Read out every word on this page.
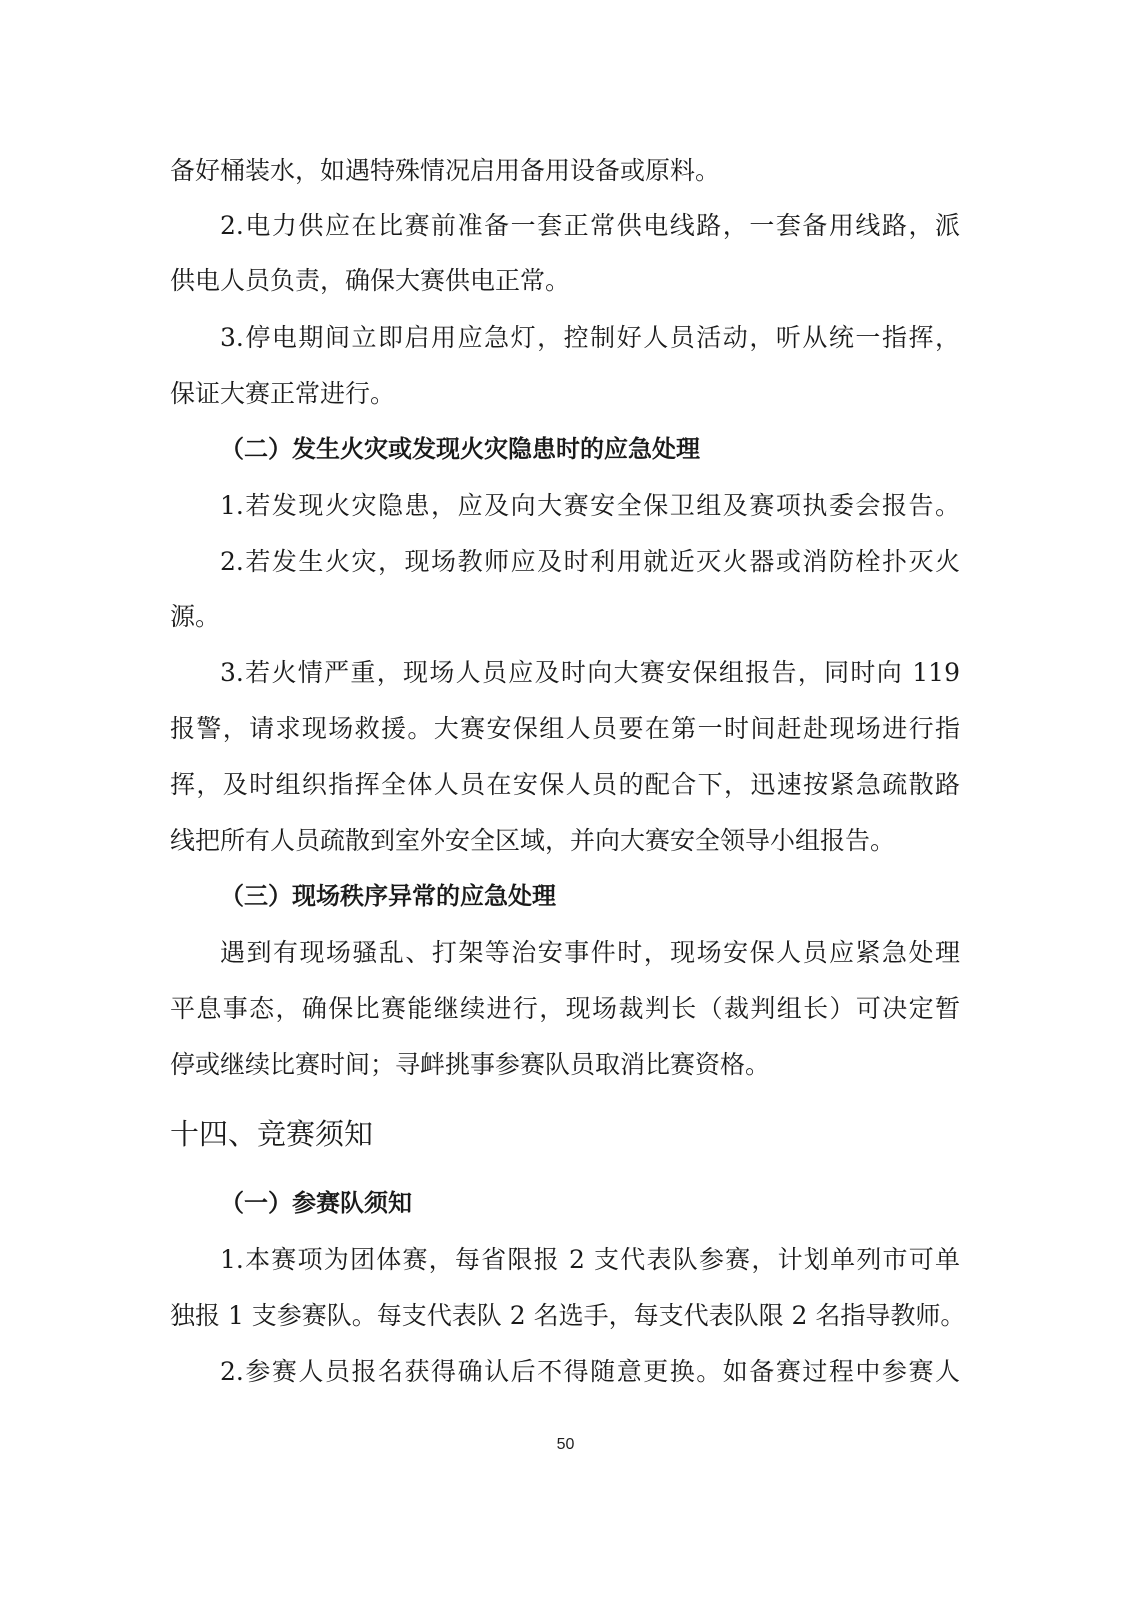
备好桶装水，如遇特殊情况启用备用设备或原料。
2.电力供应在比赛前准备一套正常供电线路，一套备用线路，派
供电人员负责，确保大赛供电正常。
3.停电期间立即启用应急灯，控制好人员活动，听从统一指挥，
保证大赛正常进行。
（二）发生火灾或发现火灾隐患时的应急处理
1.若发现火灾隐患，应及向大赛安全保卫组及赛项执委会报告。
2.若发生火灾，现场教师应及时利用就近灭火器或消防栓扑灭火
源。
3.若火情严重，现场人员应及时向大赛安保组报告，同时向 119
报警，请求现场救援。大赛安保组人员要在第一时间赶赴现场进行指
挥，及时组织指挥全体人员在安保人员的配合下，迅速按紧急疏散路
线把所有人员疏散到室外安全区域，并向大赛安全领导小组报告。
（三）现场秩序异常的应急处理
遇到有现场骚乱、打架等治安事件时，现场安保人员应紧急处理
平息事态，确保比赛能继续进行，现场裁判长（裁判组长）可决定暂
停或继续比赛时间；寻衅挑事参赛队员取消比赛资格。
十四、竞赛须知
（一）参赛队须知
1.本赛项为团体赛，每省限报 2 支代表队参赛，计划单列市可单
独报 1 支参赛队。每支代表队 2 名选手，每支代表队限 2 名指导教师。
2.参赛人员报名获得确认后不得随意更换。如备赛过程中参赛人
50
